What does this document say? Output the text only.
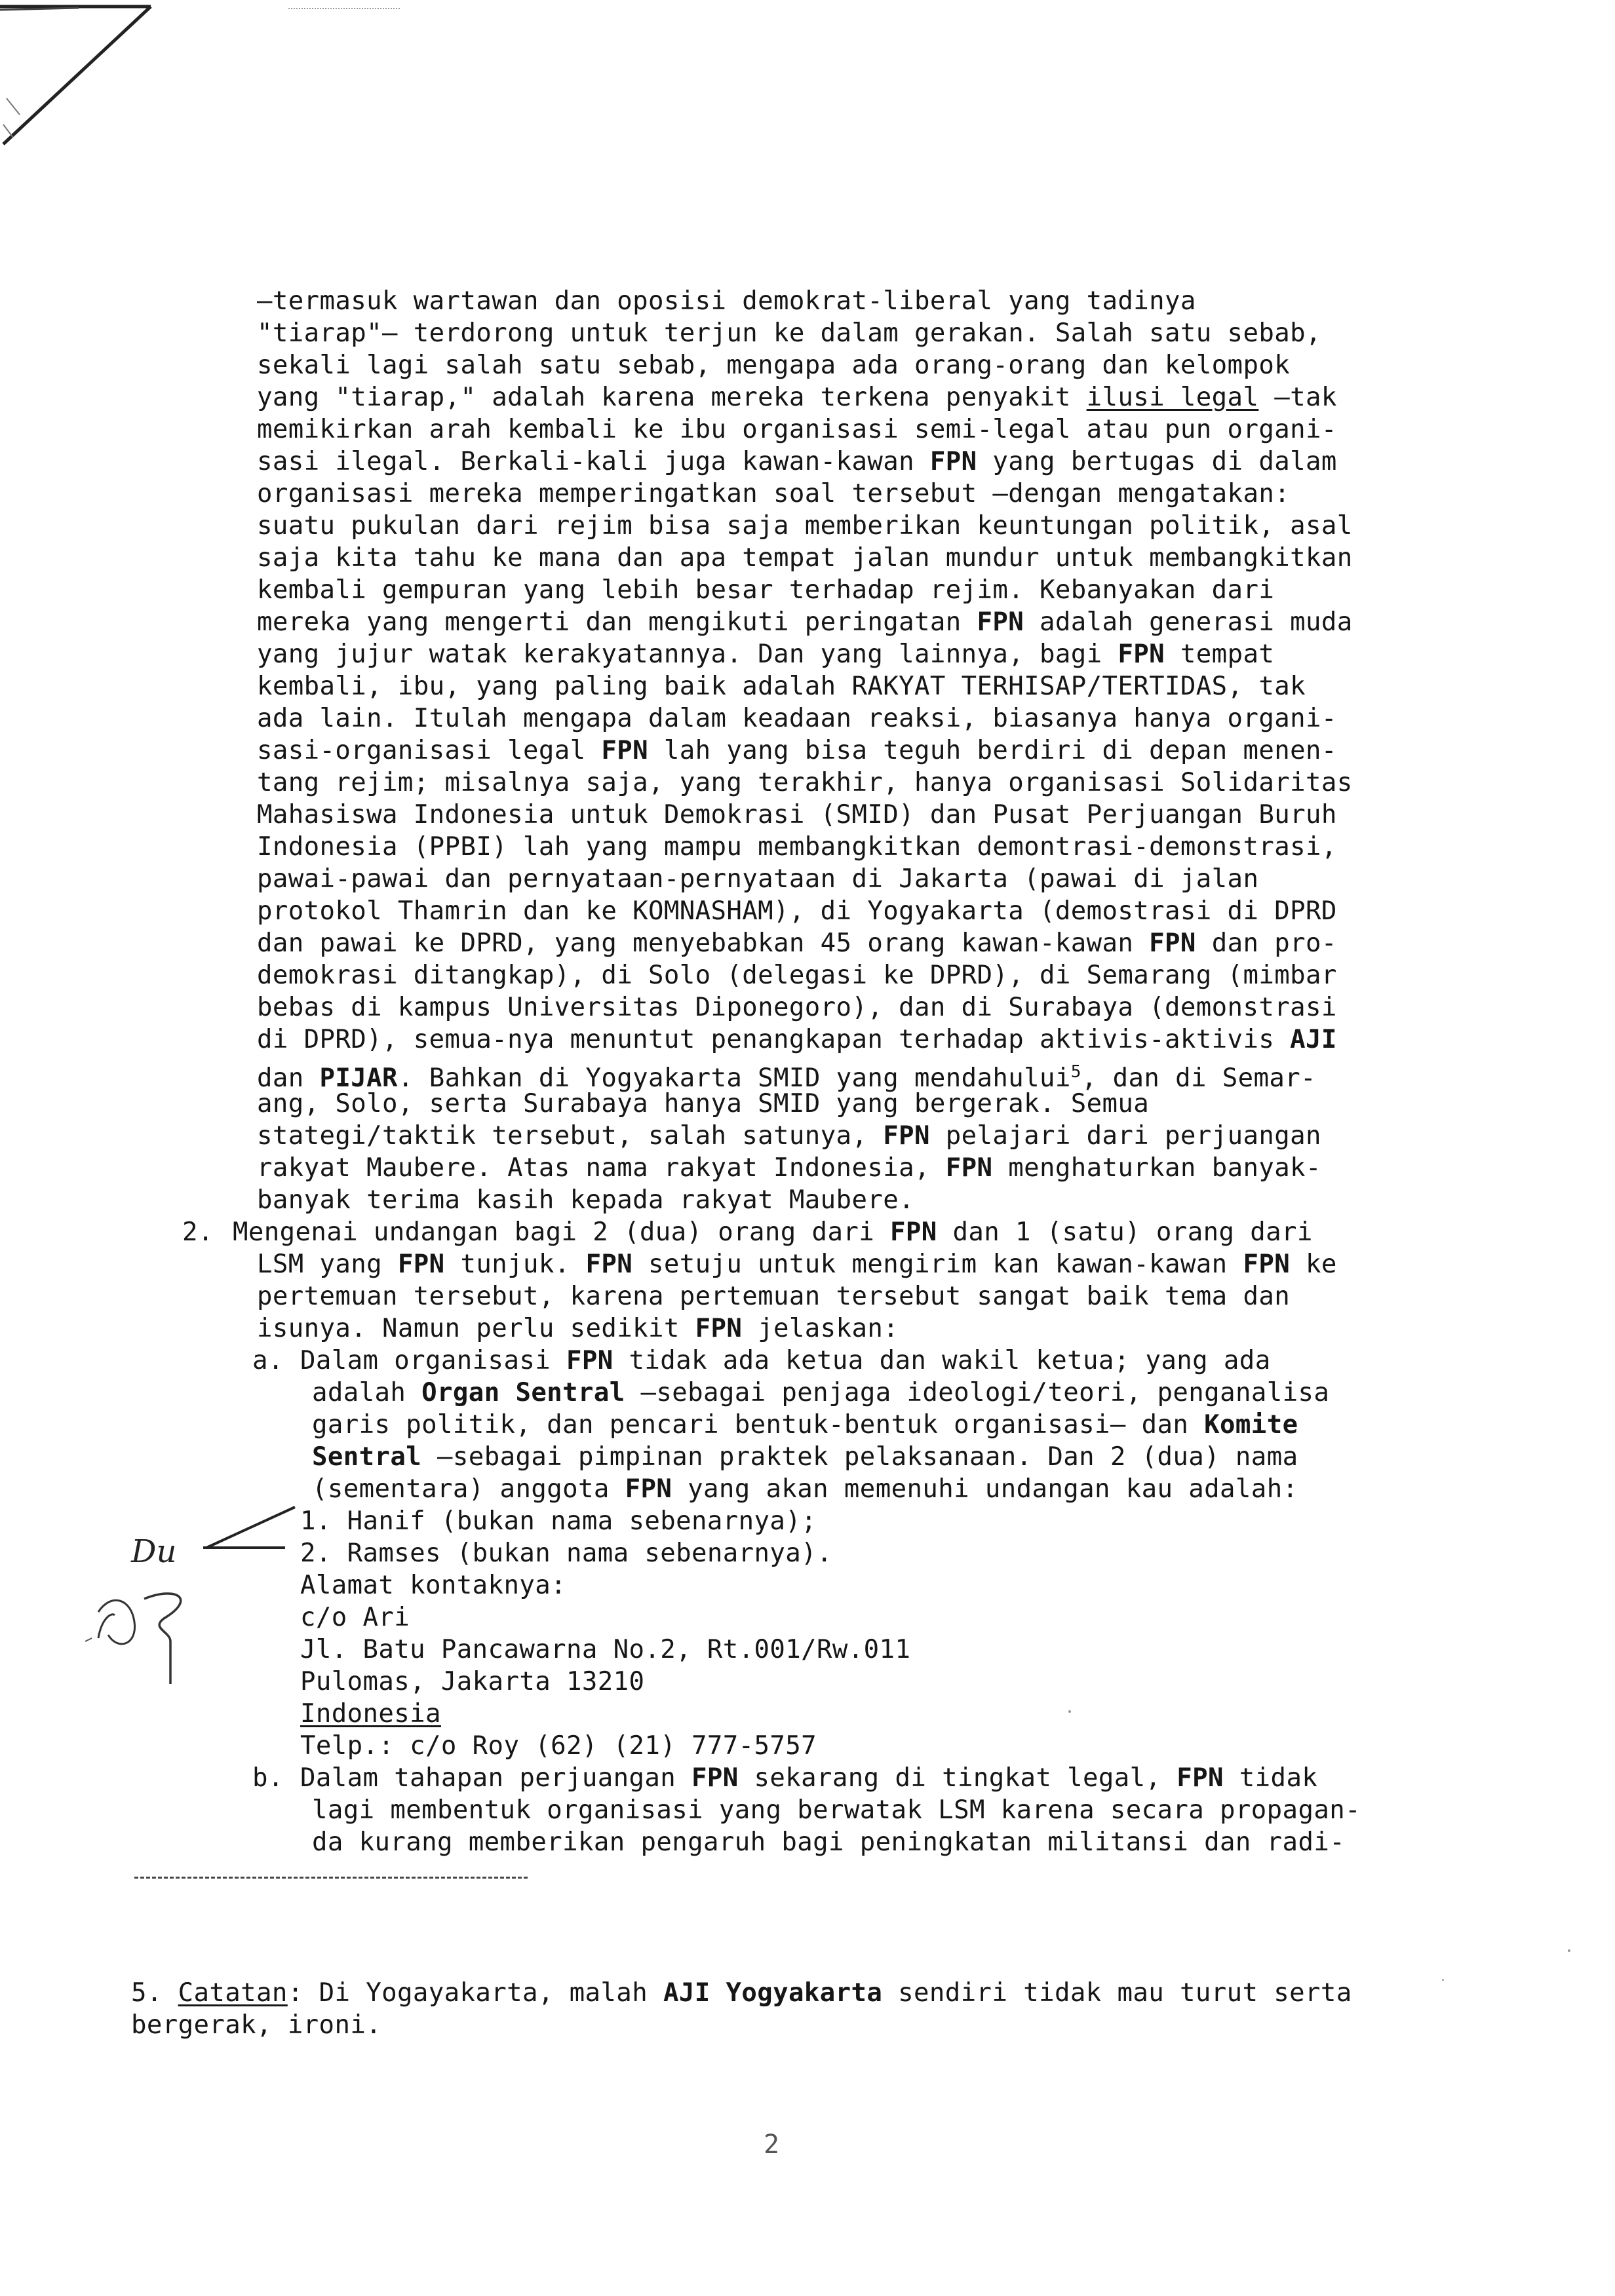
—termasuk wartawan dan oposisi demokrat-liberal yang tadinya
"tiarap"— terdorong untuk terjun ke dalam gerakan. Salah satu sebab,
sekali lagi salah satu sebab, mengapa ada orang-orang dan kelompok
yang "tiarap," adalah karena mereka terkena penyakit ilusi legal —tak
memikirkan arah kembali ke ibu organisasi semi-legal atau pun organi-
sasi ilegal. Berkali-kali juga kawan-kawan FPN yang bertugas di dalam
organisasi mereka memperingatkan soal tersebut —dengan mengatakan:
suatu pukulan dari rejim bisa saja memberikan keuntungan politik, asal
saja kita tahu ke mana dan apa tempat jalan mundur untuk membangkitkan
kembali gempuran yang lebih besar terhadap rejim. Kebanyakan dari
mereka yang mengerti dan mengikuti peringatan FPN adalah generasi muda
yang jujur watak kerakyatannya. Dan yang lainnya, bagi FPN tempat
kembali, ibu, yang paling baik adalah RAKYAT TERHISAP/TERTIDAS, tak
ada lain. Itulah mengapa dalam keadaan reaksi, biasanya hanya organi-
sasi-organisasi legal FPN lah yang bisa teguh berdiri di depan menen-
tang rejim; misalnya saja, yang terakhir, hanya organisasi Solidaritas
Mahasiswa Indonesia untuk Demokrasi (SMID) dan Pusat Perjuangan Buruh
Indonesia (PPBI) lah yang mampu membangkitkan demontrasi-demonstrasi,
pawai-pawai dan pernyataan-pernyataan di Jakarta (pawai di jalan
protokol Thamrin dan ke KOMNASHAM), di Yogyakarta (demostrasi di DPRD
dan pawai ke DPRD, yang menyebabkan 45 orang kawan-kawan FPN dan pro-
demokrasi ditangkap), di Solo (delegasi ke DPRD), di Semarang (mimbar
bebas di kampus Universitas Diponegoro), dan di Surabaya (demonstrasi
di DPRD), semua-nya menuntut penangkapan terhadap aktivis-aktivis AJI
dan PIJAR. Bahkan di Yogyakarta SMID yang mendahului$^5$, dan di Semar-
ang, Solo, serta Surabaya hanya SMID yang bergerak. Semua
stategi/taktik tersebut, salah satunya, FPN pelajari dari perjuangan
rakyat Maubere. Atas nama rakyat Indonesia, FPN menghaturkan banyak-
banyak terima kasih kepada rakyat Maubere.
2. Mengenai undangan bagi 2 (dua) orang dari FPN dan 1 (satu) orang dari
LSM yang FPN tunjuk. FPN setuju untuk mengirim kan kawan-kawan FPN ke
pertemuan tersebut, karena pertemuan tersebut sangat baik tema dan
isunya. Namun perlu sedikit FPN jelaskan:
a. Dalam organisasi FPN tidak ada ketua dan wakil ketua; yang ada
adalah Organ Sentral —sebagai penjaga ideologi/teori, penganalisa
garis politik, dan pencari bentuk-bentuk organisasi— dan Komite
Sentral —sebagai pimpinan praktek pelaksanaan. Dan 2 (dua) nama
(sementara) anggota FPN yang akan memenuhi undangan kau adalah:
1. Hanif (bukan nama sebenarnya);
2. Ramses (bukan nama sebenarnya).
Alamat kontaknya:
c/o Ari
Jl. Batu Pancawarna No.2, Rt.001/Rw.011
Pulomas, Jakarta 13210
Indonesia
Telp.: c/o Roy (62) (21) 777-5757
b. Dalam tahapan perjuangan FPN sekarang di tingkat legal, FPN tidak
lagi membentuk organisasi yang berwatak LSM karena secara propagan-
da kurang memberikan pengaruh bagi peningkatan militansi dan radi-
Du
5. Catatan: Di Yogayakarta, malah AJI Yogyakarta sendiri tidak mau turut serta
bergerak, ironi.
2
